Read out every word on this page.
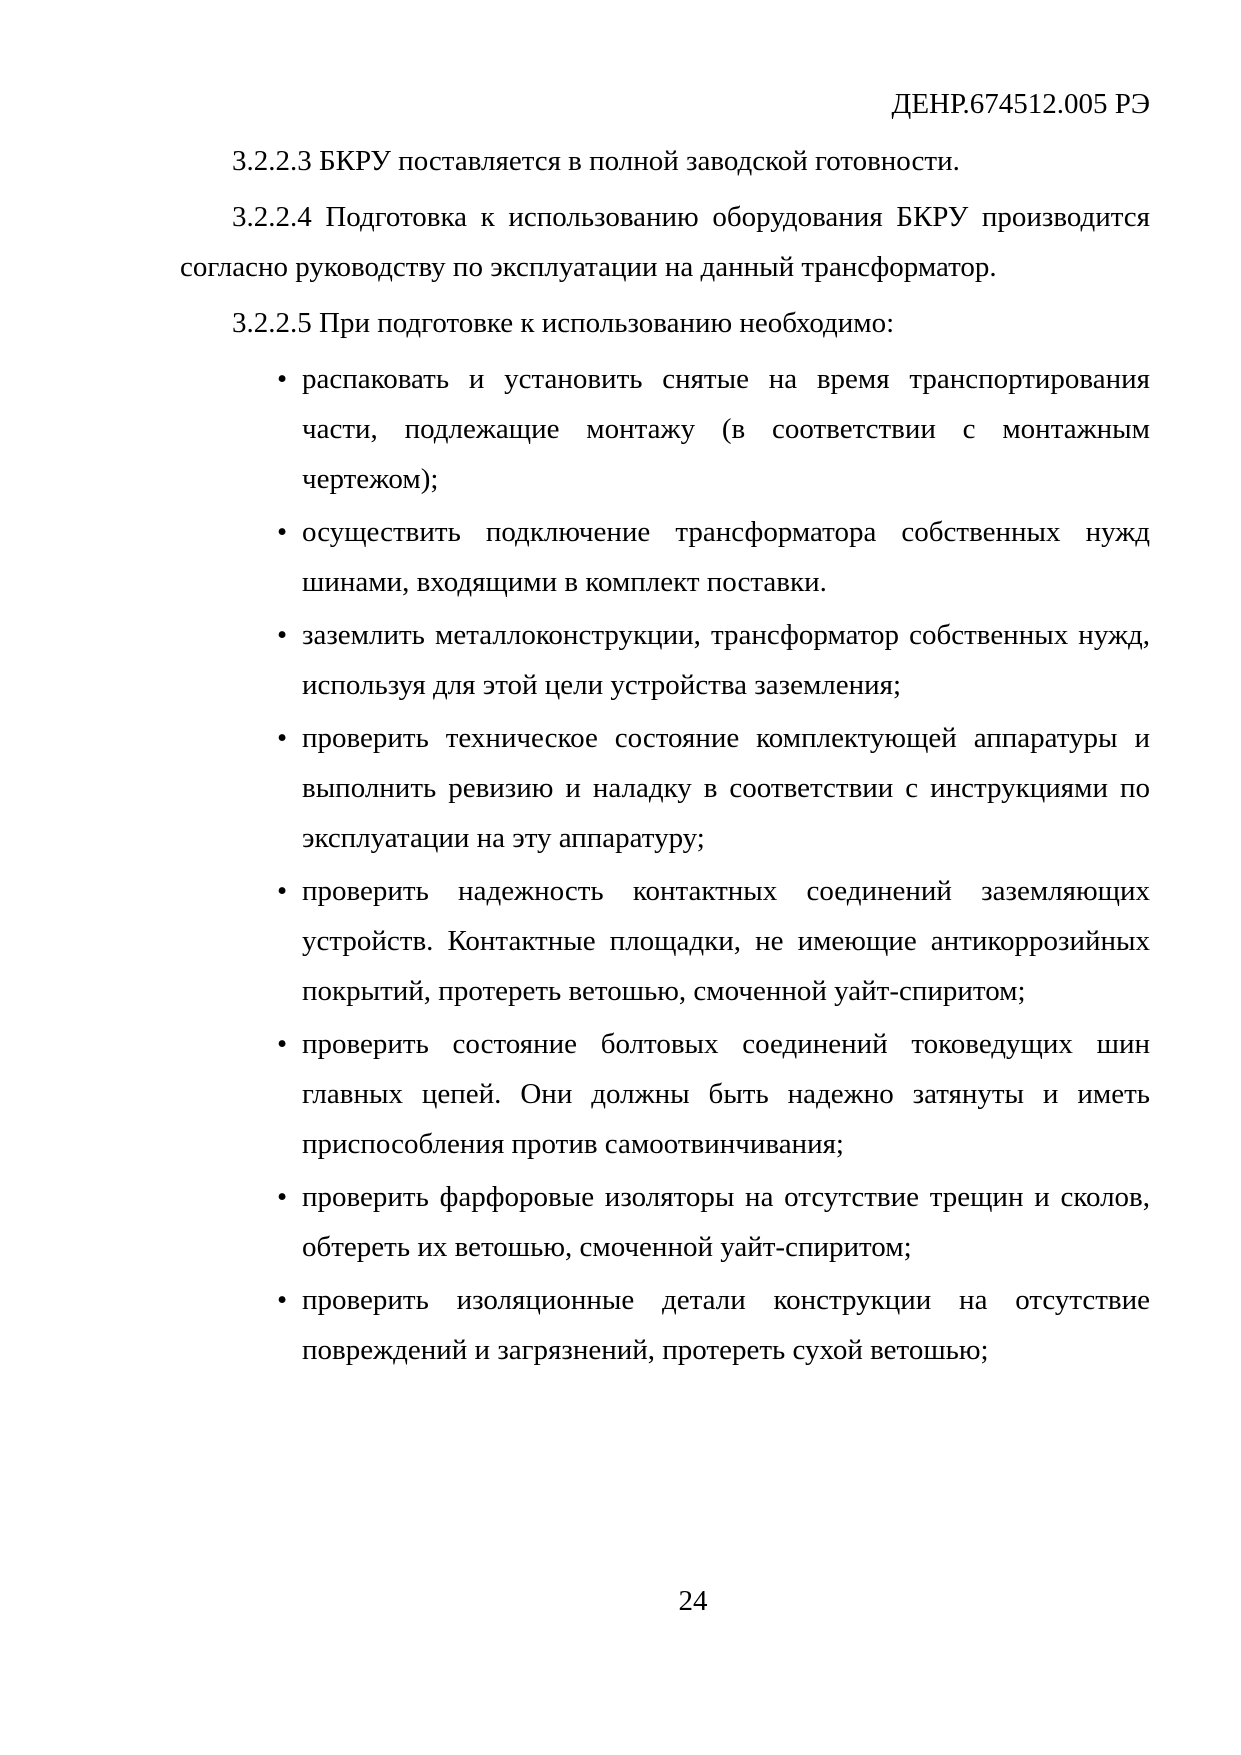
ДЕНР.674512.005 РЭ

3.2.2.3 БКРУ поставляется в полной заводской готовности.

3.2.2.4 Подготовка к использованию оборудования БКРУ производится согласно руководству по эксплуатации на данный трансформатор.

3.2.2.5 При подготовке к использованию необходимо:

• распаковать и установить снятые на время транспортирования части, подлежащие монтажу (в соответствии с монтажным чертежом);
• осуществить подключение трансформатора собственных нужд шинами, входящими в комплект поставки.
• заземлить металлоконструкции, трансформатор собственных нужд, используя для этой цели устройства заземления;
• проверить техническое состояние комплектующей аппаратуры и выполнить ревизию и наладку в соответствии с инструкциями по эксплуатации на эту аппаратуру;
• проверить надежность контактных соединений заземляющих устройств. Контактные площадки, не имеющие антикоррозийных покрытий, протереть ветошью, смоченной уайт-спиритом;
• проверить состояние болтовых соединений токоведущих шин главных цепей. Они должны быть надежно затянуты и иметь приспособления против самоотвинчивания;
• проверить фарфоровые изоляторы на отсутствие трещин и сколов, обтереть их ветошью, смоченной уайт-спиритом;
• проверить изоляционные детали конструкции на отсутствие повреждений и загрязнений, протереть сухой ветошью;
24
